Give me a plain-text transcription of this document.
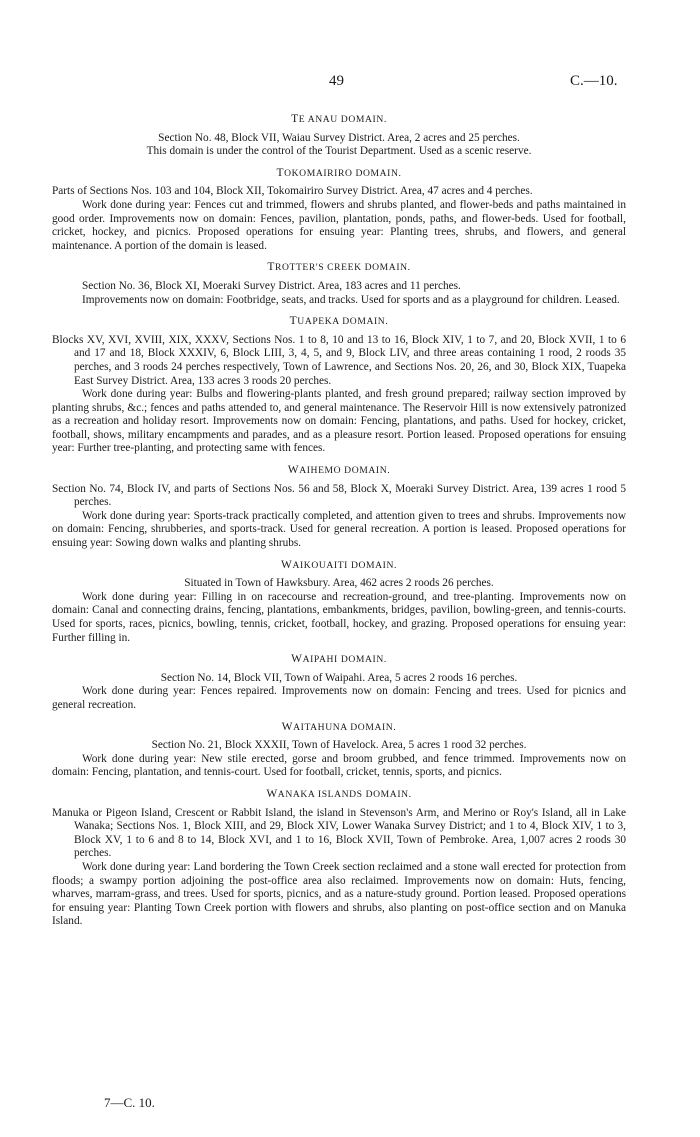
49	C.—10.
TE ANAU DOMAIN.

Section No. 48, Block VII, Waiau Survey District. Area, 2 acres and 25 perches.

This domain is under the control of the Tourist Department. Used as a scenic reserve.

TOKOMAIRIRO DOMAIN.

Parts of Sections Nos. 103 and 104, Block XII, Tokomairiro Survey District. Area, 47 acres and 4 perches.

Work done during year: Fences cut and trimmed, flowers and shrubs planted, and flower-beds and paths maintained in good order. Improvements now on domain: Fences, pavilion, plantation, ponds, paths, and flower-beds. Used for football, cricket, hockey, and picnics. Proposed operations for ensuing year: Planting trees, shrubs, and flowers, and general maintenance. A portion of the domain is leased.

TROTTER'S CREEK DOMAIN.

Section No. 36, Block XI, Moeraki Survey District. Area, 183 acres and 11 perches.

Improvements now on domain: Footbridge, seats, and tracks. Used for sports and as a playground for children. Leased.

TUAPEKA DOMAIN.

Blocks XV, XVI, XVIII, XIX, XXXV, Sections Nos. 1 to 8, 10 and 13 to 16, Block XIV, 1 to 7, and 20, Block XVII, 1 to 6 and 17 and 18, Block XXXIV, 6, Block LIII, 3, 4, 5, and 9, Block LIV, and three areas containing 1 rood, 2 roods 35 perches, and 3 roods 24 perches respectively, Town of Lawrence, and Sections Nos. 20, 26, and 30, Block XIX, Tuapeka East Survey District. Area, 133 acres 3 roods 20 perches.

Work done during year: Bulbs and flowering-plants planted, and fresh ground prepared; railway section improved by planting shrubs, &c.; fences and paths attended to, and general maintenance. The Reservoir Hill is now extensively patronized as a recreation and holiday resort. Improvements now on domain: Fencing, plantations, and paths. Used for hockey, cricket, football, shows, military encampments and parades, and as a pleasure resort. Portion leased. Proposed operations for ensuing year: Further tree-planting, and protecting same with fences.

WAIHEMO DOMAIN.

Section No. 74, Block IV, and parts of Sections Nos. 56 and 58, Block X, Moeraki Survey District. Area, 139 acres 1 rood 5 perches.

Work done during year: Sports-track practically completed, and attention given to trees and shrubs. Improvements now on domain: Fencing, shrubberies, and sports-track. Used for general recreation. A portion is leased. Proposed operations for ensuing year: Sowing down walks and planting shrubs.

WAIKOUAITI DOMAIN.

Situated in Town of Hawksbury. Area, 462 acres 2 roods 26 perches.

Work done during year: Filling in on racecourse and recreation-ground, and tree-planting. Improvements now on domain: Canal and connecting drains, fencing, plantations, embankments, bridges, pavilion, bowling-green, and tennis-courts. Used for sports, races, picnics, bowling, tennis, cricket, football, hockey, and grazing. Proposed operations for ensuing year: Further filling in.

WAIPAHI DOMAIN.

Section No. 14, Block VII, Town of Waipahi. Area, 5 acres 2 roods 16 perches.

Work done during year: Fences repaired. Improvements now on domain: Fencing and trees. Used for picnics and general recreation.

WAITAHUNA DOMAIN.

Section No. 21, Block XXXII, Town of Havelock. Area, 5 acres 1 rood 32 perches.

Work done during year: New stile erected, gorse and broom grubbed, and fence trimmed. Improvements now on domain: Fencing, plantation, and tennis-court. Used for football, cricket, tennis, sports, and picnics.

WANAKA ISLANDS DOMAIN.

Manuka or Pigeon Island, Crescent or Rabbit Island, the island in Stevenson's Arm, and Merino or Roy's Island, all in Lake Wanaka; Sections Nos. 1, Block XIII, and 29, Block XIV, Lower Wanaka Survey District; and 1 to 4, Block XIV, 1 to 3, Block XV, 1 to 6 and 8 to 14, Block XVI, and 1 to 16, Block XVII, Town of Pembroke. Area, 1,007 acres 2 roods 30 perches.

Work done during year: Land bordering the Town Creek section reclaimed and a stone wall erected for protection from floods; a swampy portion adjoining the post-office area also reclaimed. Improvements now on domain: Huts, fencing, wharves, marram-grass, and trees. Used for sports, picnics, and as a nature-study ground. Portion leased. Proposed operations for ensuing year: Planting Town Creek portion with flowers and shrubs, also planting on post-office section and on Manuka Island.

7—C. 10.
